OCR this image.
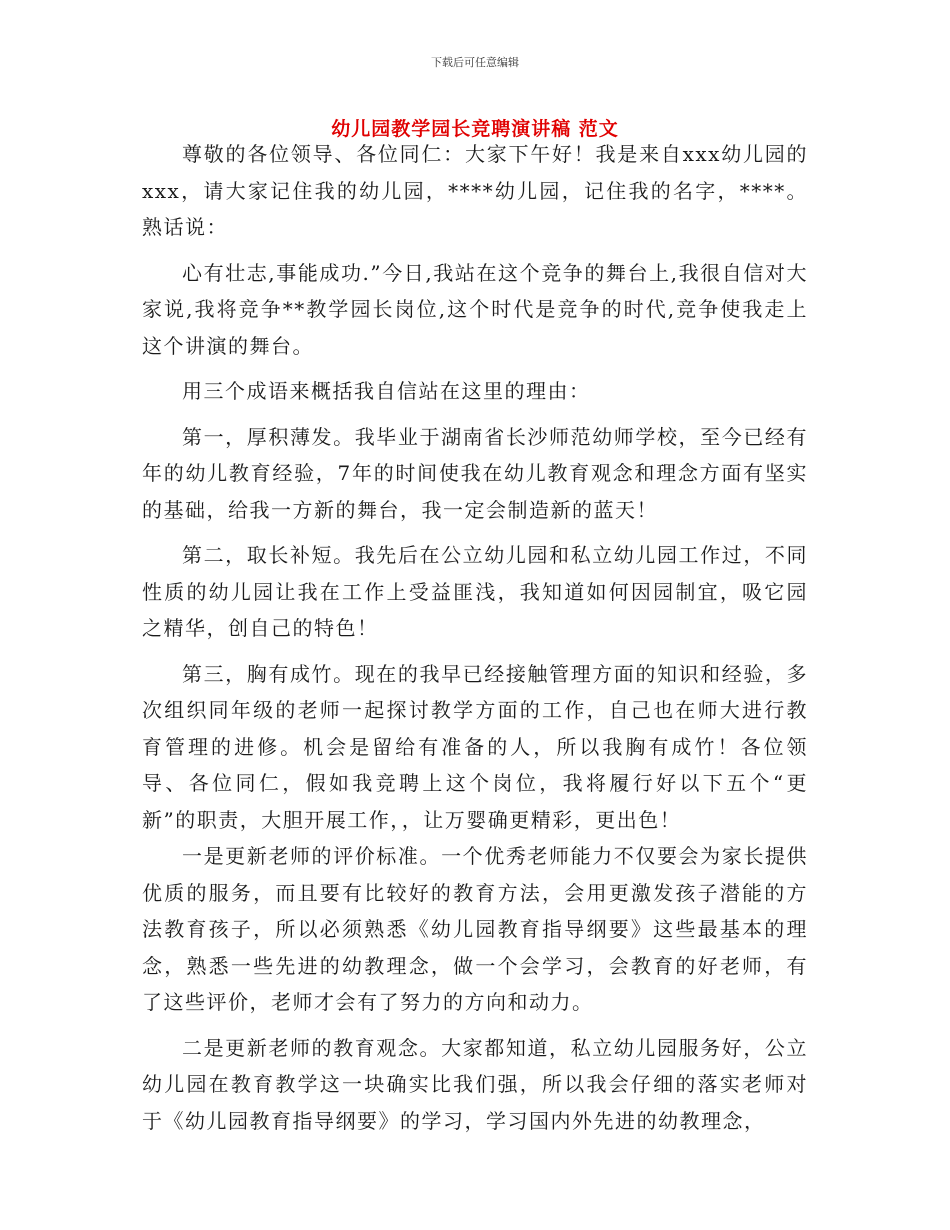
下载后可任意编辑
幼儿园教学园长竞聘演讲稿 范文

尊敬的各位领导、各位同仁：大家下午好！我是来自xxx幼儿园的xxx，请大家记住我的幼儿园，****幼儿园，记住我的名字，****。熟话说：

心有壮志,事能成功.”今日,我站在这个竞争的舞台上,我很自信对大家说,我将竞争**教学园长岗位,这个时代是竞争的时代,竞争使我走上这个讲演的舞台。

用三个成语来概括我自信站在这里的理由：

第一，厚积薄发。我毕业于湖南省长沙师范幼师学校，至今已经有年的幼儿教育经验，7年的时间使我在幼儿教育观念和理念方面有坚实的基础，给我一方新的舞台，我一定会制造新的蓝天！

第二，取长补短。我先后在公立幼儿园和私立幼儿园工作过，不同性质的幼儿园让我在工作上受益匪浅，我知道如何因园制宜，吸它园之精华，创自己的特色！

第三，胸有成竹。现在的我早已经接触管理方面的知识和经验，多次组织同年级的老师一起探讨教学方面的工作，自己也在师大进行教育管理的进修。机会是留给有准备的人，所以我胸有成竹！各位领导、各位同仁，假如我竞聘上这个岗位，我将履行好以下五个“更新”的职责，大胆开展工作，，让万婴确更精彩，更出色！

一是更新老师的评价标准。一个优秀老师能力不仅要会为家长提供优质的服务，而且要有比较好的教育方法，会用更激发孩子潜能的方法教育孩子，所以必须熟悉《幼儿园教育指导纲要》这些最基本的理念，熟悉一些先进的幼教理念，做一个会学习，会教育的好老师，有了这些评价，老师才会有了努力的方向和动力。

二是更新老师的教育观念。大家都知道，私立幼儿园服务好，公立幼儿园在教育教学这一块确实比我们强，所以我会仔细的落实老师对于《幼儿园教育指导纲要》的学习，学习国内外先进的幼教理念，
